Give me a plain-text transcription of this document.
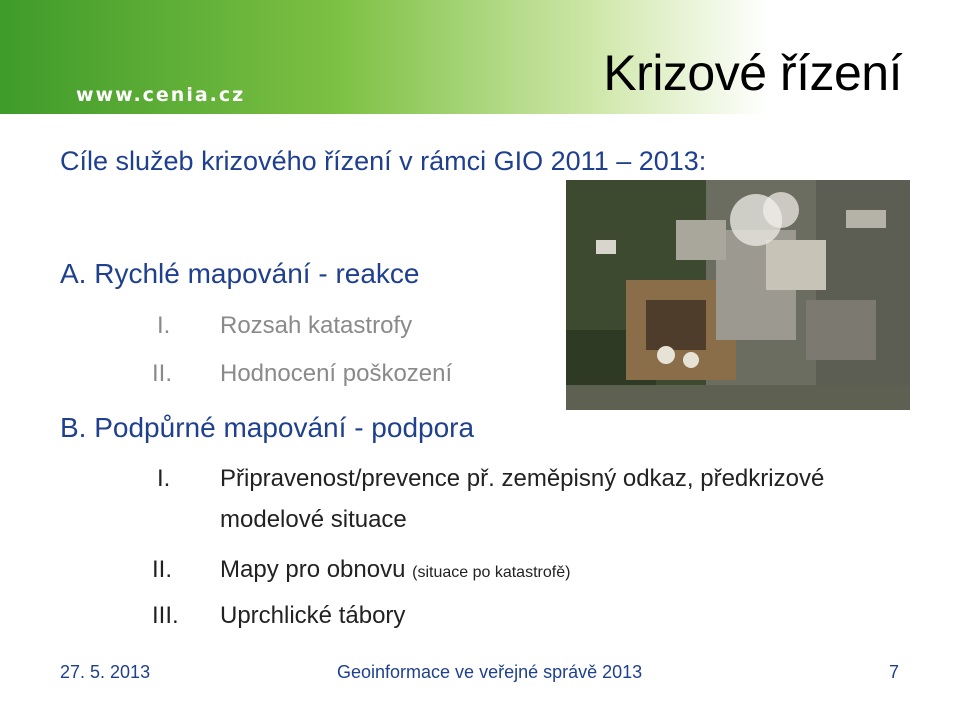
www.cenia.cz	Krizové řízení
Cíle služeb krizového řízení v rámci GIO 2011 – 2013:
A. Rychlé mapování - reakce
I. Rozsah katastrofy
II. Hodnocení poškození
B. Podpůrné mapování - podpora
I. Připravenost/prevence př. zeměpisný odkaz, předkrizové
modelové situace
II. Mapy pro obnovu (situace po katastrofě)
III. Uprchlické tábory
27. 5. 2013	Geoinformace ve veřejné správě 2013	7
